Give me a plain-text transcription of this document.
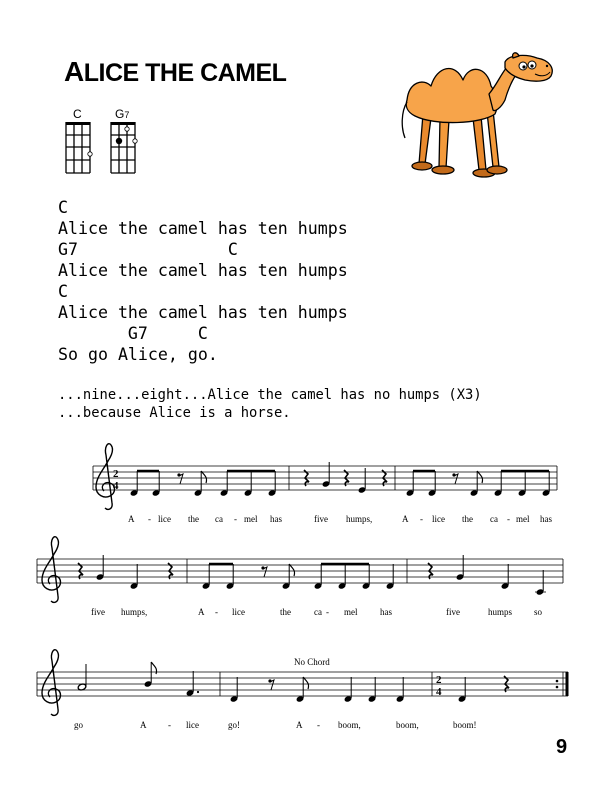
ALICE THE CAMEL
C	G7
C
Alice the camel has ten humps
G7               C
Alice the camel has ten humps
C
Alice the camel has ten humps
G7     C
So go Alice, go.
...nine...eight...Alice the camel has no humps (X3)
...because Alice is a horse.
2
4
A - lice the ca - mel has	five humps,	A - lice the ca - mel has
five humps,	A - lice	the	ca - mel	has	five	humps so
No Chord
2
4
go	A - lice	go!	A - boom,	boom,	boom!
9
